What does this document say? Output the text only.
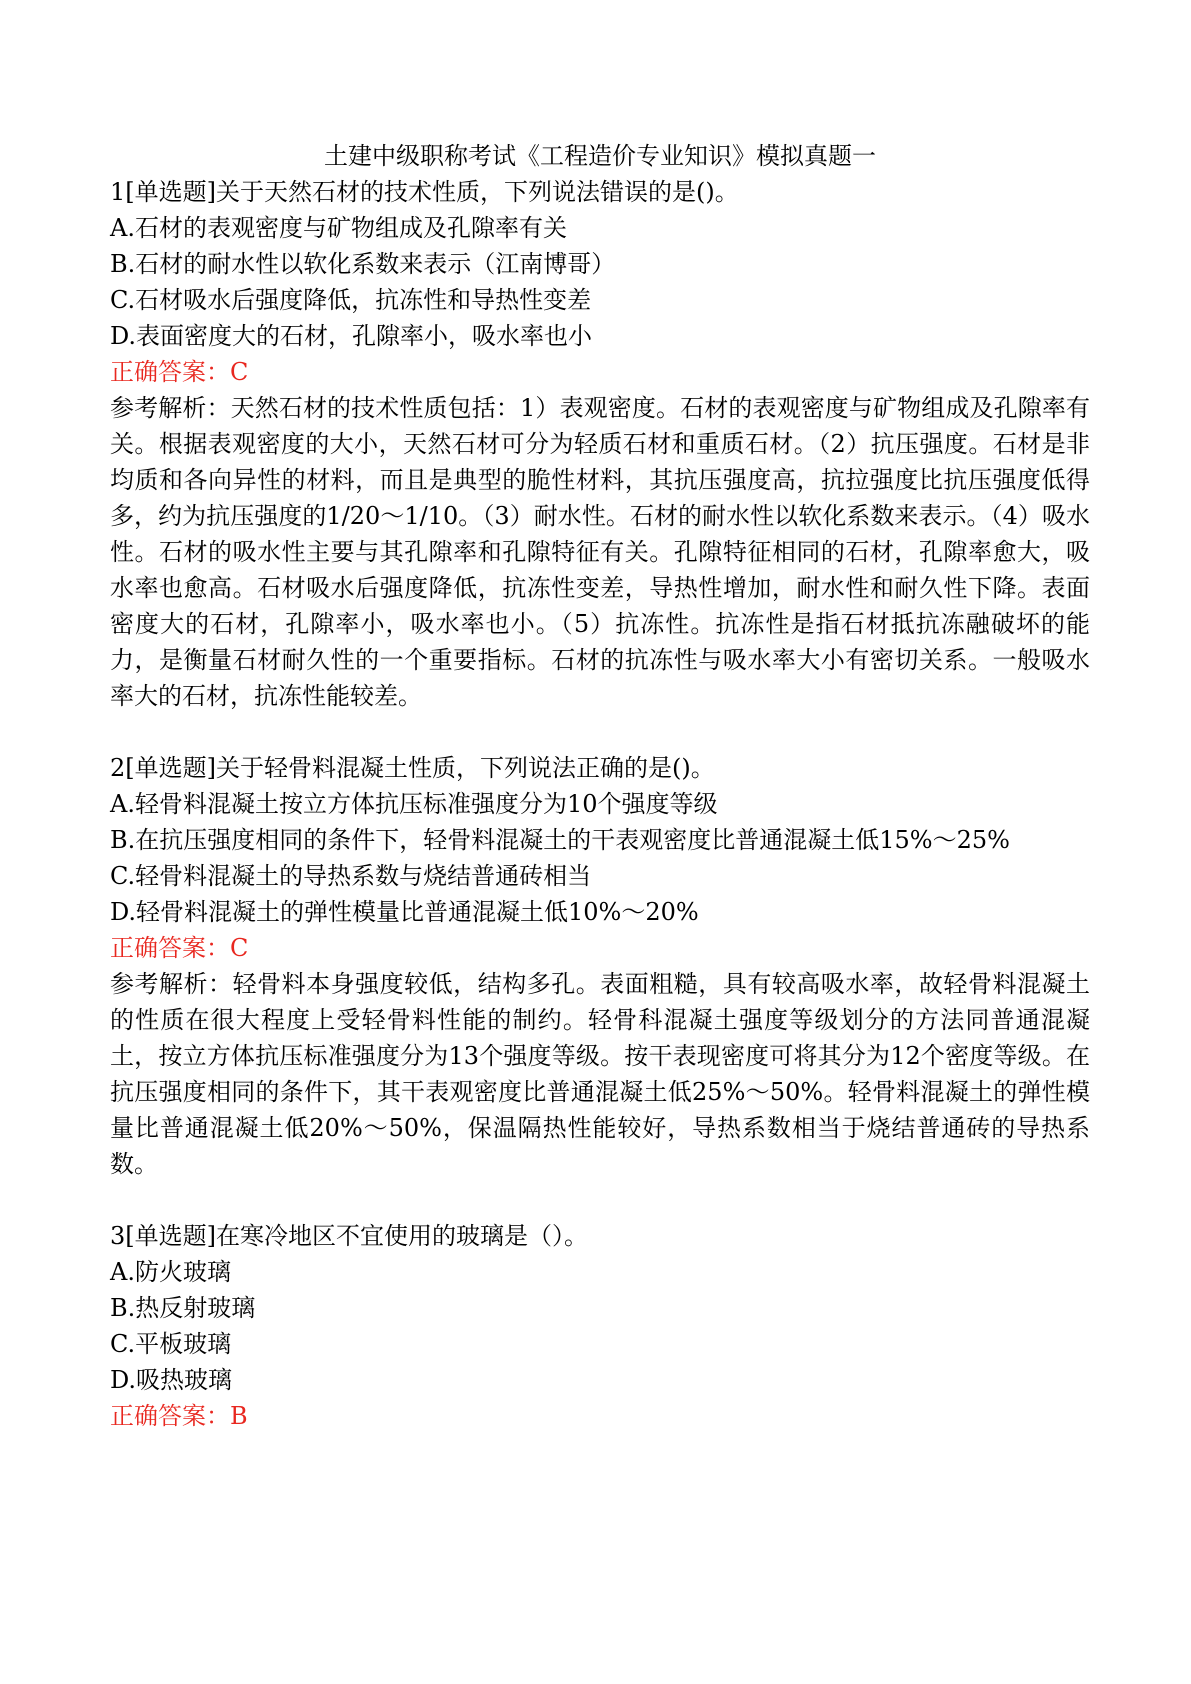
土建中级职称考试《工程造价专业知识》模拟真题一

1[单选题]关于天然石材的技术性质，下列说法错误的是()。

A.石材的表观密度与矿物组成及孔隙率有关

B.石材的耐水性以软化系数来表示（江南博哥）

C.石材吸水后强度降低，抗冻性和导热性变差

D.表面密度大的石材，孔隙率小，吸水率也小

正确答案：C

参考解析：天然石材的技术性质包括：1）表观密度。石材的表观密度与矿物组成及孔隙率有关。根据表观密度的大小，天然石材可分为轻质石材和重质石材。（2）抗压强度。石材是非均质和各向异性的材料，而且是典型的脆性材料，其抗压强度高，抗拉强度比抗压强度低得多，约为抗压强度的1/20～1/10。（3）耐水性。石材的耐水性以软化系数来表示。（4）吸水性。石材的吸水性主要与其孔隙率和孔隙特征有关。孔隙特征相同的石材，孔隙率愈大，吸水率也愈高。石材吸水后强度降低，抗冻性变差，导热性增加，耐水性和耐久性下降。表面密度大的石材，孔隙率小，吸水率也小。（5）抗冻性。抗冻性是指石材抵抗冻融破坏的能力，是衡量石材耐久性的一个重要指标。石材的抗冻性与吸水率大小有密切关系。一般吸水率大的石材，抗冻性能较差。

2[单选题]关于轻骨料混凝土性质，下列说法正确的是()。

A.轻骨料混凝土按立方体抗压标准强度分为10个强度等级

B.在抗压强度相同的条件下，轻骨料混凝土的干表观密度比普通混凝土低15%～25%

C.轻骨料混凝土的导热系数与烧结普通砖相当

D.轻骨料混凝土的弹性模量比普通混凝土低10%～20%

正确答案：C

参考解析：轻骨料本身强度较低，结构多孔。表面粗糙，具有较高吸水率，故轻骨料混凝土的性质在很大程度上受轻骨料性能的制约。轻骨科混凝土强度等级划分的方法同普通混凝土，按立方体抗压标准强度分为13个强度等级。按干表现密度可将其分为12个密度等级。在抗压强度相同的条件下，其干表观密度比普通混凝土低25%～50%。轻骨料混凝土的弹性模量比普通混凝土低20%～50%，保温隔热性能较好，导热系数相当于烧结普通砖的导热系数。

3[单选题]在寒冷地区不宜使用的玻璃是（）。

A.防火玻璃

B.热反射玻璃

C.平板玻璃

D.吸热玻璃

正确答案：B
